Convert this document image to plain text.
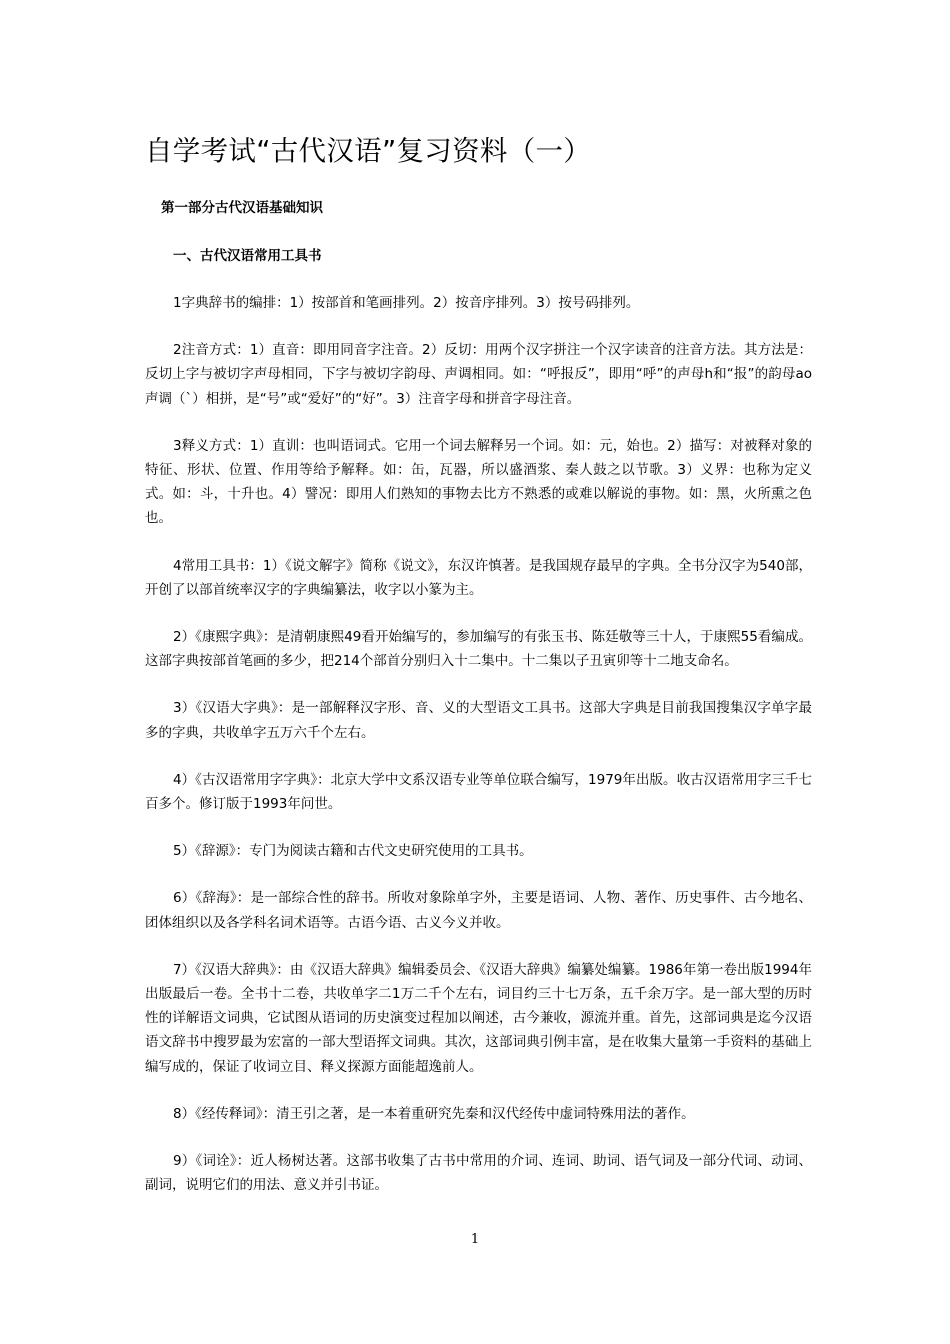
自学考试“古代汉语”复习资料（一）
第一部分古代汉语基础知识
一、古代汉语常用工具书

1字典辞书的编排：1）按部首和笔画排列。2）按音序排列。3）按号码排列。

2注音方式：1）直音：即用同音字注音。2）反切：用两个汉字拼注一个汉字读音的注音方法。其方法是：反切上字与被切字声母相同，下字与被切字韵母、声调相同。如：“呼报反”，即用“呼”的声母h和“报”的韵母ao声调（`）相拼，是“号”或“爱好”的“好”。3）注音字母和拼音字母注音。

3释义方式：1）直训：也叫语词式。它用一个词去解释另一个词。如：元，始也。2）描写：对被释对象的特征、形状、位置、作用等给予解释。如：缶，瓦器，所以盛酒浆、秦人鼓之以节歌。3）义界：也称为定义式。如：斗，十升也。4）譬况：即用人们熟知的事物去比方不熟悉的或难以解说的事物。如：黑，火所熏之色也。

4常用工具书：1）《说文解字》简称《说文》，东汉许慎著。是我国规存最早的字典。全书分汉字为540部，开创了以部首统率汉字的字典编纂法，收字以小篆为主。

2）《康熙字典》：是清朝康熙49看开始编写的，参加编写的有张玉书、陈廷敬等三十人，于康熙55看编成。这部字典按部首笔画的多少，把214个部首分别归入十二集中。十二集以子丑寅卯等十二地支命名。

3）《汉语大字典》：是一部解释汉字形、音、义的大型语文工具书。这部大字典是目前我国搜集汉字单字最多的字典，共收单字五万六千个左右。

4）《古汉语常用字字典》：北京大学中文系汉语专业等单位联合编写，1979年出版。收古汉语常用字三千七百多个。修订版于1993年问世。

5）《辞源》：专门为阅读古籍和古代文史研究使用的工具书。

6）《辞海》：是一部综合性的辞书。所收对象除单字外，主要是语词、人物、著作、历史事件、古今地名、团体组织以及各学科名词术语等。古语今语、古义今义并收。

7）《汉语大辞典》：由《汉语大辞典》编辑委员会、《汉语大辞典》编纂处编纂。1986年第一卷出版1994年出版最后一卷。全书十二卷，共收单字二1万二千个左右，词目约三十七万条，五千余万字。是一部大型的历时性的详解语文词典，它试图从语词的历史演变过程加以阐述，古今兼收，源流并重。首先，这部词典是迄今汉语语文辞书中搜罗最为宏富的一部大型语挥文词典。其次，这部词典引例丰富，是在收集大量第一手资料的基础上编写成的，保证了收词立目、释义探源方面能超逸前人。

8）《经传释词》：清王引之著，是一本着重研究先秦和汉代经传中虚词特殊用法的著作。

9）《词诠》：近人杨树达著。这部书收集了古书中常用的介词、连词、助词、语气词及一部分代词、动词、副词，说明它们的用法、意义并引书证。

1
